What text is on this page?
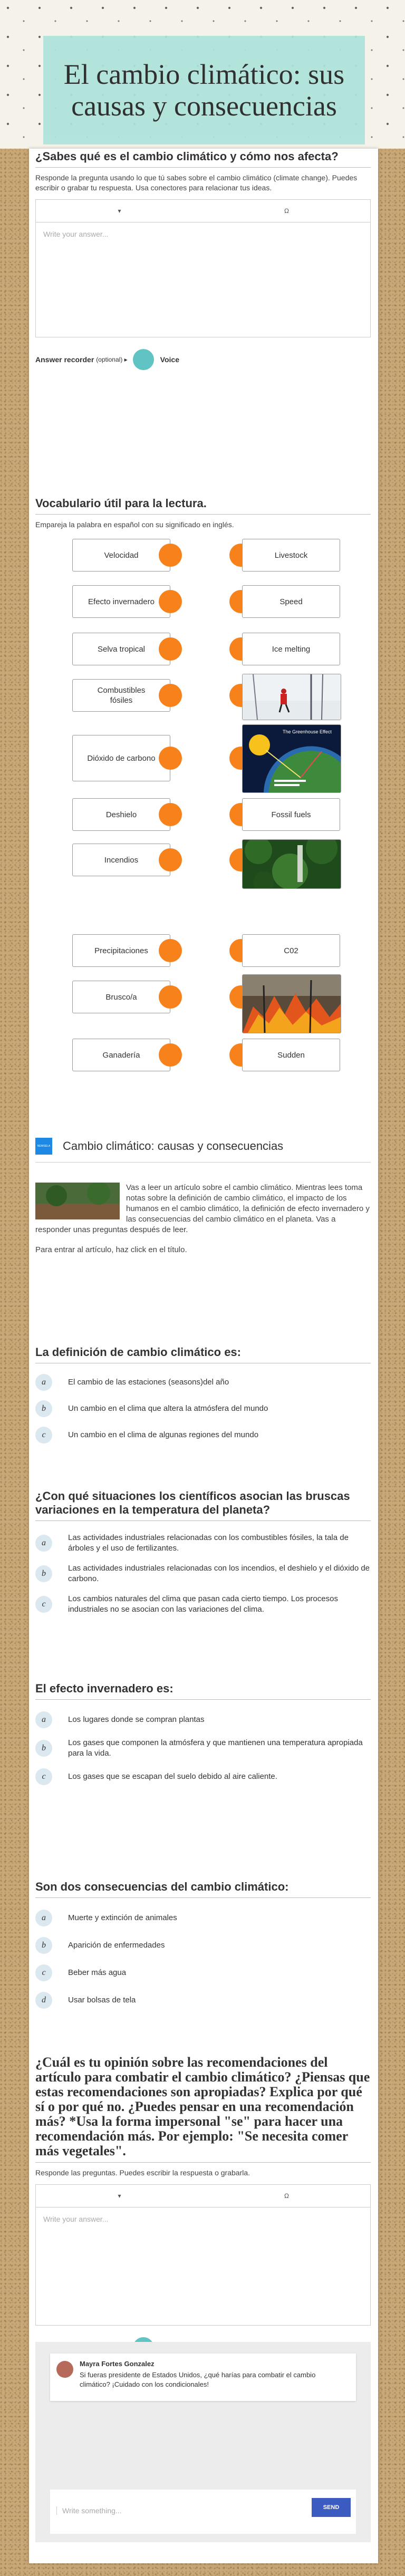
El cambio climático: sus causas y consecuencias
¿Sabes qué es el cambio climático y cómo nos afecta?
Responde la pregunta usando lo que tú sabes sobre el cambio climático (climate change). Puedes escribir o grabar tu respuesta. Usa conectores para relacionar tus ideas.
▾	Ω
Write your answer...
Answer recorder (optional) ▸	Voice
Vocabulario útil para la lectura.
Empareja la palabra en español con su significado en inglés.
Velocidad
Efecto invernadero
Selva tropical
Combustibles fósiles
Dióxido de carbono
Deshielo
Incendios
Livestock
Speed
Ice melting
The Greenhouse Effect
Fossil fuels
Precipitaciones
Brusco/a
Ganadería
C02
Sudden
NEWSELA Cambio climático: causas y consecuencias
Vas a leer un artículo sobre el cambio climático. Mientras lees toma notas sobre la definición de cambio climático, el impacto de los humanos en el cambio climático, la definición de efecto invernadero y las consecuencias del cambio climático en el planeta. Vas a responder unas preguntas después de leer.
Para entrar al artículo, haz click en el título.
La definición de cambio climático es:
a	El cambio de las estaciones (seasons)del año
b	Un cambio en el clima que altera la atmósfera del mundo
c	Un cambio en el clima de algunas regiones del mundo
¿Con qué situaciones los científicos asocian las bruscas variaciones en la temperatura del planeta?
a
Las actividades industriales relacionadas con los combustibles fósiles, la tala de árboles y el uso de fertilizantes.
b
Las actividades industriales relacionadas con los incendios, el deshielo y el dióxido de carbono.
c
Los cambios naturales del clima que pasan cada cierto tiempo. Los procesos industriales no se asocian con las variaciones del clima.
El efecto invernadero es:
a	Los lugares donde se compran plantas
b
Los gases que componen la atmósfera y que mantienen una temperatura apropiada para la vida.
c	Los gases que se escapan del suelo debido al aire caliente.
Son dos consecuencias del cambio climático:
a	Muerte y extinción de animales
b	Aparición de enfermedades
c	Beber más agua
d	Usar bolsas de tela
¿Cuál es tu opinión sobre las recomendaciones del artículo para combatir el cambio climático? ¿Piensas que estas recomendaciones son apropiadas? Explica por qué sí o por qué no. ¿Puedes pensar en una recomendación más? *Usa la forma impersonal "se" para hacer una recomendación más. Por ejemplo: "Se necesita comer más vegetales".
Responde las preguntas. Puedes escribir la respuesta o grabarla.
▾	Ω
Write your answer...
Mayra Fortes Gonzalez
Si fueras presidente de Estados Unidos, ¿qué harías para combatir el cambio climático? ¡Cuidado con los condicionales!
Write something...	SEND
